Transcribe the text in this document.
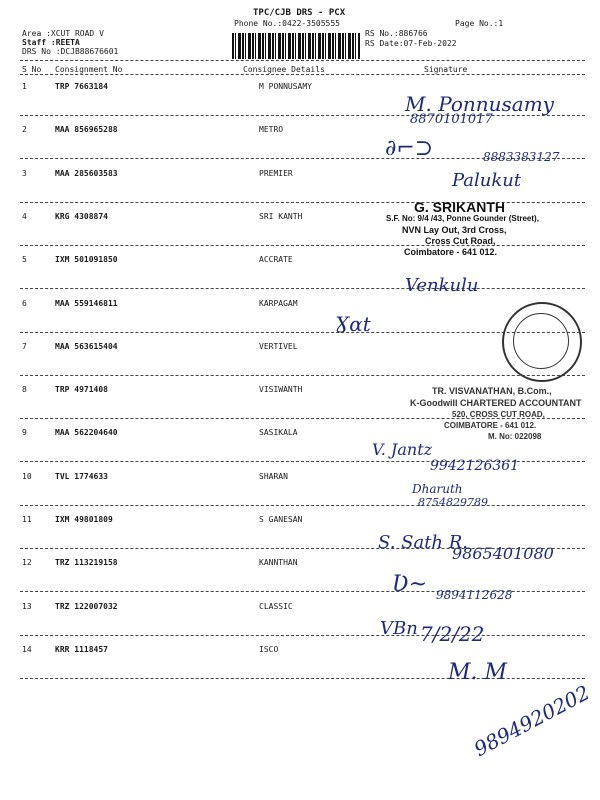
TPC/CJB DRS - PCX
Phone No.:0422-3505555	Page No.:1
Area :XCUT ROAD V
Staff :REETA
DRS No :DCJB88676601
RS No.:886766
RS Date:07-Feb-2022
S No Consignment No	Consignee Details	Signature
1	TRP 7663184	M PONNUSAMY
2	MAA 856965288	METRO
3	MAA 285603583	PREMIER
4	KRG 4308874	SRI KANTH
5	IXM 501091850	ACCRATE
6	MAA 559146811	KARPAGAM
7	MAA 563615404	VERTIVEL
8	TRP 4971408	VISIWANTH
9	MAA 562204640	SASIKALA
10	TVL 1774633	SHARAN
11	IXM 49801809	S GANESAN
12	TRZ 113219158	KANNTHAN
13	TRZ 122007032	CLASSIC
14	KRR 1118457	ISCO
M. Ponnusamy
8870101017
∂⌐⊃	8883383127
Palukut
G. SRIKANTH
S.F. No: 9/4 /43, Ponne Gounder (Street),
NVN Lay Out, 3rd Cross,
Cross Cut Road,
Coimbatore - 641 012.
Venkulu
Ɣɑt
TR. VISVANATHAN, B.Com.,
K-Goodwill CHARTERED ACCOUNTANT
520, CROSS CUT ROAD,
COIMBATORE - 641 012.
M. No: 022098
V. Jantz
9942126361
Dharuth
8754829789
S. Sath R.
9865401080
Ʋ~ 9894112628
VBn 7/2/22
M. M
9894920202
